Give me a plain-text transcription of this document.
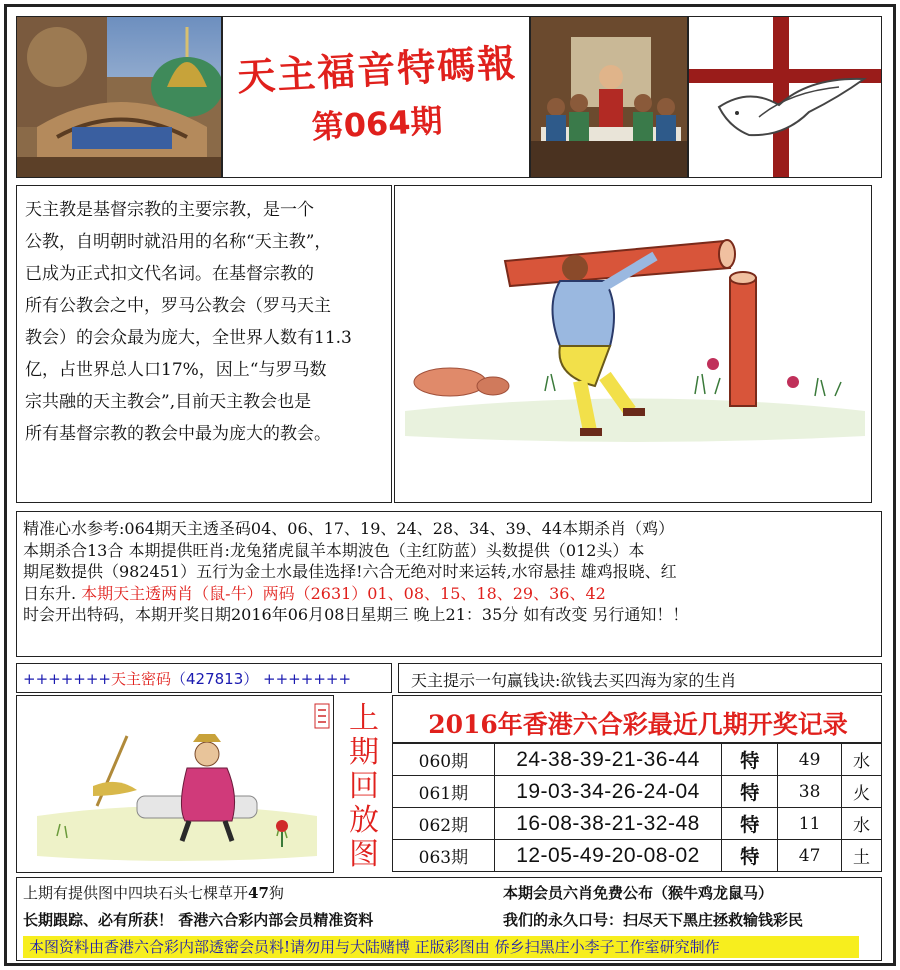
天主福音特碼報
第064期
天主教是基督宗教的主要宗教，是一个
公教，自明朝时就沿用的名称“天主教”，
已成为正式扣文代名词。在基督宗教的
所有公教会之中，罗马公教会（罗马天主
教会）的会众最为庞大，全世界人数有11.3
亿，占世界总人口17%，因上“与罗马数
宗共融的天主教会”,目前天主教会也是
所有基督宗教的教会中最为庞大的教会。
精准心水参考:064期天主透圣码04、06、17、19、24、28、34、39、44本期杀肖（鸡）
本期杀合13合 本期提供旺肖:龙兔猪虎鼠羊本期波色（主红防蓝）头数提供（012头）本
期尾数提供（982451）五行为金土水最佳选择!六合无绝对时来运转,水帘悬挂 雄鸡报晓、红
日东升. 本期天主透两肖（鼠-牛）两码（2631）01、08、15、18、29、36、42
时会开出特码，本期开奖日期2016年06月08日星期三 晚上21：35分 如有改变 另行通知！！
+++++++天主密码（427813） +++++++	天主提示一句赢钱诀:欲钱去买四海为家的生肖
上
期
回
放
图
2016年香港六合彩最近几期开奖记录
060期	24-38-39-21-36-44	特	49	水
061期	19-03-34-26-24-04	特	38	火
062期	16-08-38-21-32-48	特	11	水
063期	12-05-49-20-08-02	特	47	土
上期有提供图中四块石头七棵草开47狗	本期会员六肖免费公布（猴牛鸡龙鼠马）
长期跟踪、必有所获！ 香港六合彩内部会员精准资料	我们的永久口号：扫尽天下黑庄拯救输钱彩民
本图资料由香港六合彩内部透密会员料!请勿用与大陆赌博 正版彩图由 侨乡扫黑庄小李子工作室研究制作
